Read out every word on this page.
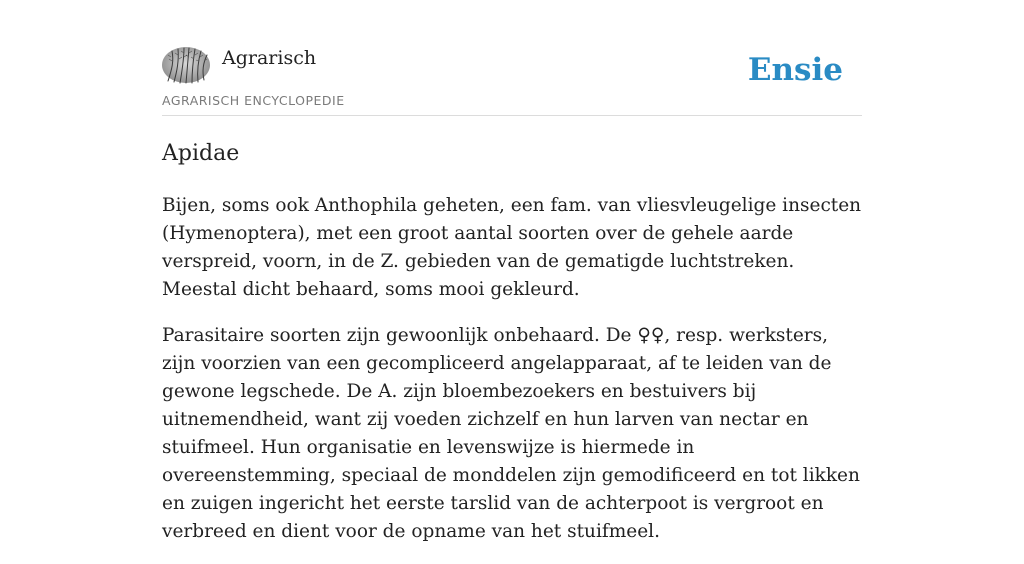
Agrarisch
AGRARISCH ENCYCLOPEDIE
Ensie
Apidae

Bijen, soms ook Anthophila geheten, een fam. van vliesvleugelige insecten (Hymenoptera), met een groot aantal soorten over de gehele aarde verspreid, voorn, in de Z. gebieden van de gematigde luchtstreken. Meestal dicht behaard, soms mooi gekleurd.

Parasitaire soorten zijn gewoonlijk onbehaard. De ♀♀, resp. werksters, zijn voorzien van een gecompliceerd angelapparaat, af te leiden van de gewone legschede. De A. zijn bloembezoekers en bestuivers bij uitnemendheid, want zij voeden zichzelf en hun larven van nectar en stuifmeel. Hun organisatie en levenswijze is hiermede in overeenstemming, speciaal de monddelen zijn gemodificeerd en tot likken en zuigen ingericht het eerste tarslid van de achterpoot is vergroot en verbreed en dient voor de opname van het stuifmeel.
